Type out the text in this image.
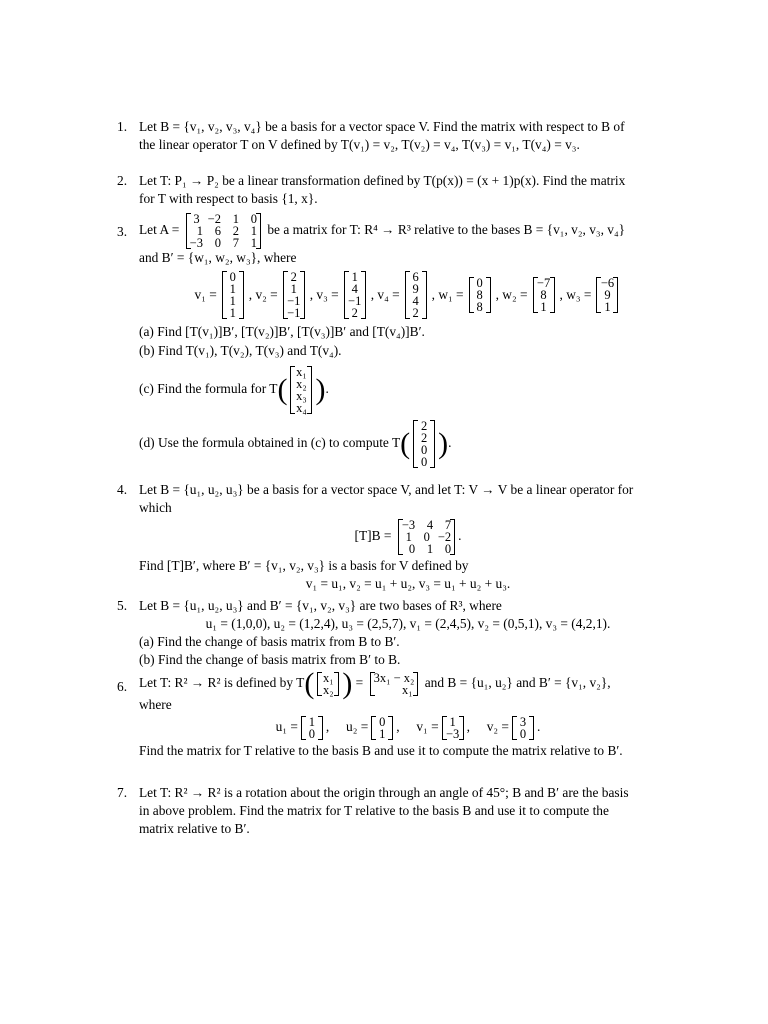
1. Let B = {v₁, v₂, v₃, v₄} be a basis for a vector space V. Find the matrix with respect to B of

the linear operator T on V defined by T(v₁) = v₂, T(v₂) = v₄, T(v₃) = v₁, T(v₄) = v₃.

2. Let T: P₁ → P₂ be a linear transformation defined by T(p(x)) = (x + 1)p(x). Find the matrix

for T with respect to basis {1, x}.

3. Let A =
3 −2 1 0
1 6 2 1
−3 0 7 1
be a matrix for T: R⁴ → R³ relative to the bases B = {v₁, v₂, v₃, v₄}

and B′ = {w₁, w₂, w₃}, where

v₁ =
0
1
1
1
, v₂ =
2
1
−1
−1
, v₃ =
1
4
−1
2
, v₄ =
6
9
4
2
, w₁ =
0
8
8
, w₂ =
−7
8
1
, w₃ =
−6
9
1

(a) Find [T(v₁)]B′, [T(v₂)]B′, [T(v₃)]B′ and [T(v₄)]B′.

(b) Find T(v₁), T(v₂), T(v₃) and T(v₄).

(c) Find the formula for T(
x₁
x₂
x₃
x₄
).

(d) Use the formula obtained in (c) to compute T(
2
2
0
0
).

4. Let B = {u₁, u₂, u₃} be a basis for a vector space V, and let T: V → V be a linear operator for

which

[T]B =
−3 4 7
1 0 −2
0 1 0
.

Find [T]B′, where B′ = {v₁, v₂, v₃} is a basis for V defined by

v₁ = u₁, v₂ = u₁ + u₂, v₃ = u₁ + u₂ + u₃.

5. Let B = {u₁, u₂, u₃} and B′ = {v₁, v₂, v₃} are two bases of R³, where

u₁ = (1,0,0), u₂ = (1,2,4), u₃ = (2,5,7), v₁ = (2,4,5), v₂ = (0,5,1), v₃ = (4,2,1).

(a) Find the change of basis matrix from B to B′.

(b) Find the change of basis matrix from B′ to B.

6. Let T: R² → R² is defined by T( x₁
x₂ ) = 3x₁ − x₂
x₁ and B = {u₁, u₂} and B′ = {v₁, v₂},

where

u₁ = 1
0 ,     u₂ = 0
1 ,     v₁ = 1
−3 ,     v₂ = 3
0 .

Find the matrix for T relative to the basis B and use it to compute the matrix relative to B′.

7. Let T: R² → R² is a rotation about the origin through an angle of 45°; B and B′ are the basis

in above problem. Find the matrix for T relative to the basis B and use it to compute the

matrix relative to B′.
